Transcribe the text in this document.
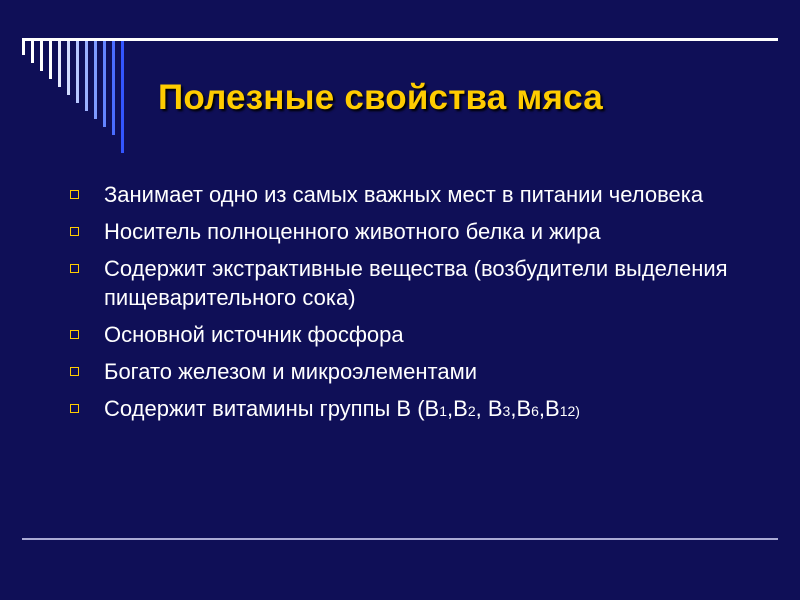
Полезные свойства мяса
Занимает одно из самых важных мест в питании человека
Носитель полноценного животного белка и жира
Содержит экстрактивные вещества (возбудители выделения пищеварительного сока)
Основной источник фосфора
Богато железом и микроэлементами
Содержит витамины группы В (В1,В2, В3,В6,В12)
